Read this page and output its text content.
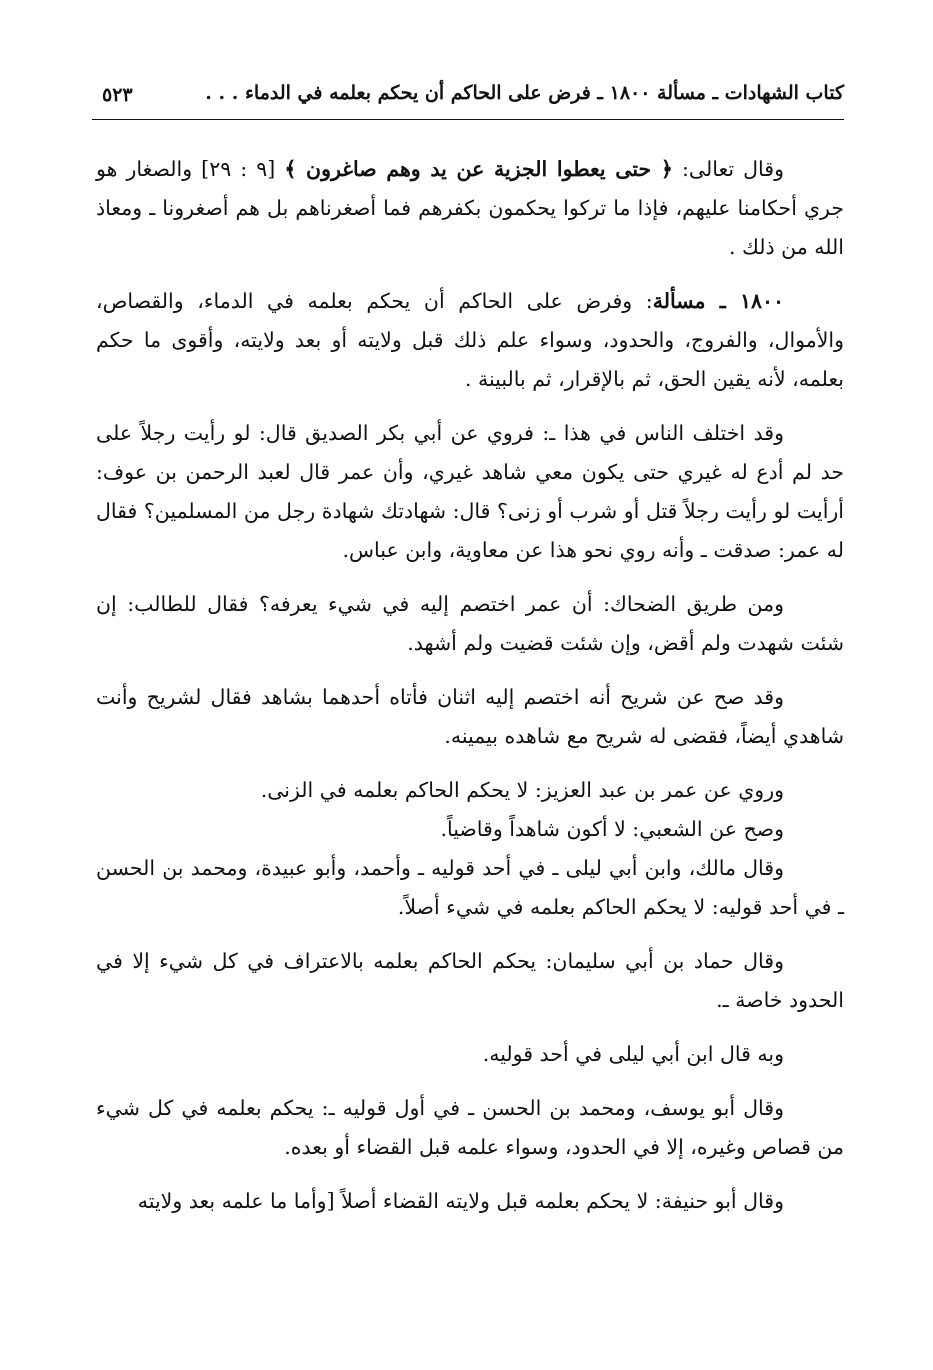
كتاب الشهادات ـ مسألة ١٨٠٠ ـ فرض على الحاكم أن يحكم بعلمه في الدماء . . .
٥٢٣

وقال تعالى: ﴿ حتى يعطوا الجزية عن يد وهم صاغرون ﴾ [٩ : ٢٩] والصغار هو جري أحكامنا عليهم، فإذا ما تركوا يحكمون بكفرهم فما أصغرناهم بل هم أصغرونا ـ ومعاذ الله من ذلك .

١٨٠٠ ـ مسألة: وفرض على الحاكم أن يحكم بعلمه في الدماء، والقصاص، والأموال، والفروج، والحدود، وسواء علم ذلك قبل ولايته أو بعد ولايته، وأقوى ما حكم بعلمه، لأنه يقين الحق، ثم بالإقرار، ثم بالبينة .

وقد اختلف الناس في هذا ـ: فروي عن أبي بكر الصديق قال: لو رأيت رجلاً على حد لم أدع له غيري حتى يكون معي شاهد غيري، وأن عمر قال لعبد الرحمن بن عوف: أرأيت لو رأيت رجلاً قتل أو شرب أو زنى؟ قال: شهادتك شهادة رجل من المسلمين؟ فقال له عمر: صدقت ـ وأنه روي نحو هذا عن معاوية، وابن عباس.

ومن طريق الضحاك: أن عمر اختصم إليه في شيء يعرفه؟ فقال للطالب: إن شئت شهدت ولم أقض، وإن شئت قضيت ولم أشهد.

وقد صح عن شريح أنه اختصم إليه اثنان فأتاه أحدهما بشاهد فقال لشريح وأنت شاهدي أيضاً، فقضى له شريح مع شاهده بيمينه.

وروي عن عمر بن عبد العزيز: لا يحكم الحاكم بعلمه في الزنى.

وصح عن الشعبي: لا أكون شاهداً وقاضياً.

وقال مالك، وابن أبي ليلى ـ في أحد قوليه ـ وأحمد، وأبو عبيدة، ومحمد بن الحسن ـ في أحد قوليه: لا يحكم الحاكم بعلمه في شيء أصلاً.

وقال حماد بن أبي سليمان: يحكم الحاكم بعلمه بالاعتراف في كل شيء إلا في الحدود خاصة ـ.

وبه قال ابن أبي ليلى في أحد قوليه.

وقال أبو يوسف، ومحمد بن الحسن ـ في أول قوليه ـ: يحكم بعلمه في كل شيء من قصاص وغيره، إلا في الحدود، وسواء علمه قبل القضاء أو بعده.

وقال أبو حنيفة: لا يحكم بعلمه قبل ولايته القضاء أصلاً [وأما ما علمه بعد ولايته
